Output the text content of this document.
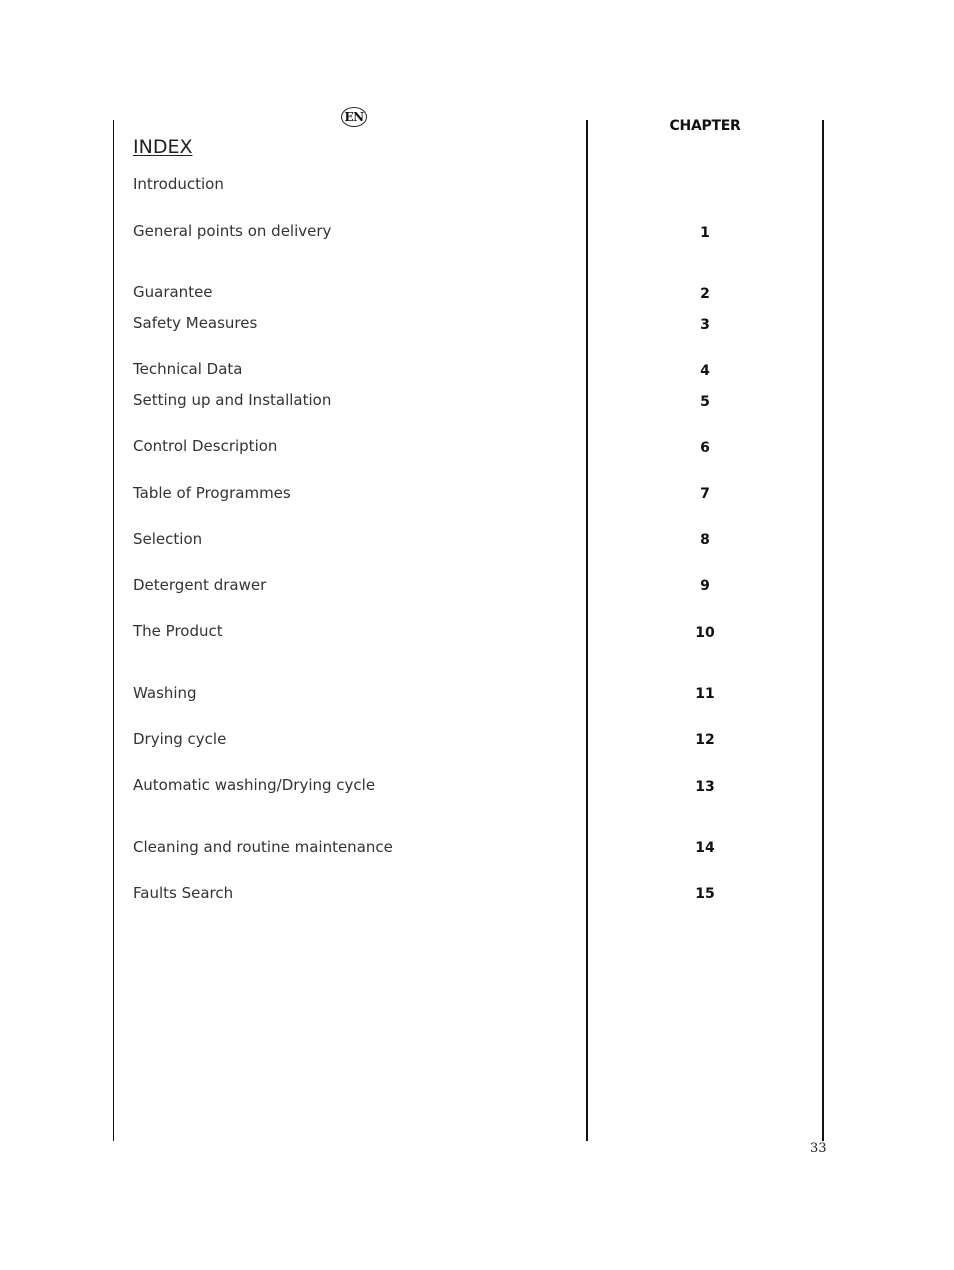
EN
INDEX
CHAPTER
Introduction
General points on delivery	1
Guarantee	2
Safety Measures	3
Technical Data	4
Setting up and Installation	5
Control Description	6
Table of Programmes	7
Selection	8
Detergent drawer	9
The Product	10
Washing	11
Drying cycle	12
Automatic washing/Drying cycle	13
Cleaning and routine maintenance	14
Faults Search	15
33
